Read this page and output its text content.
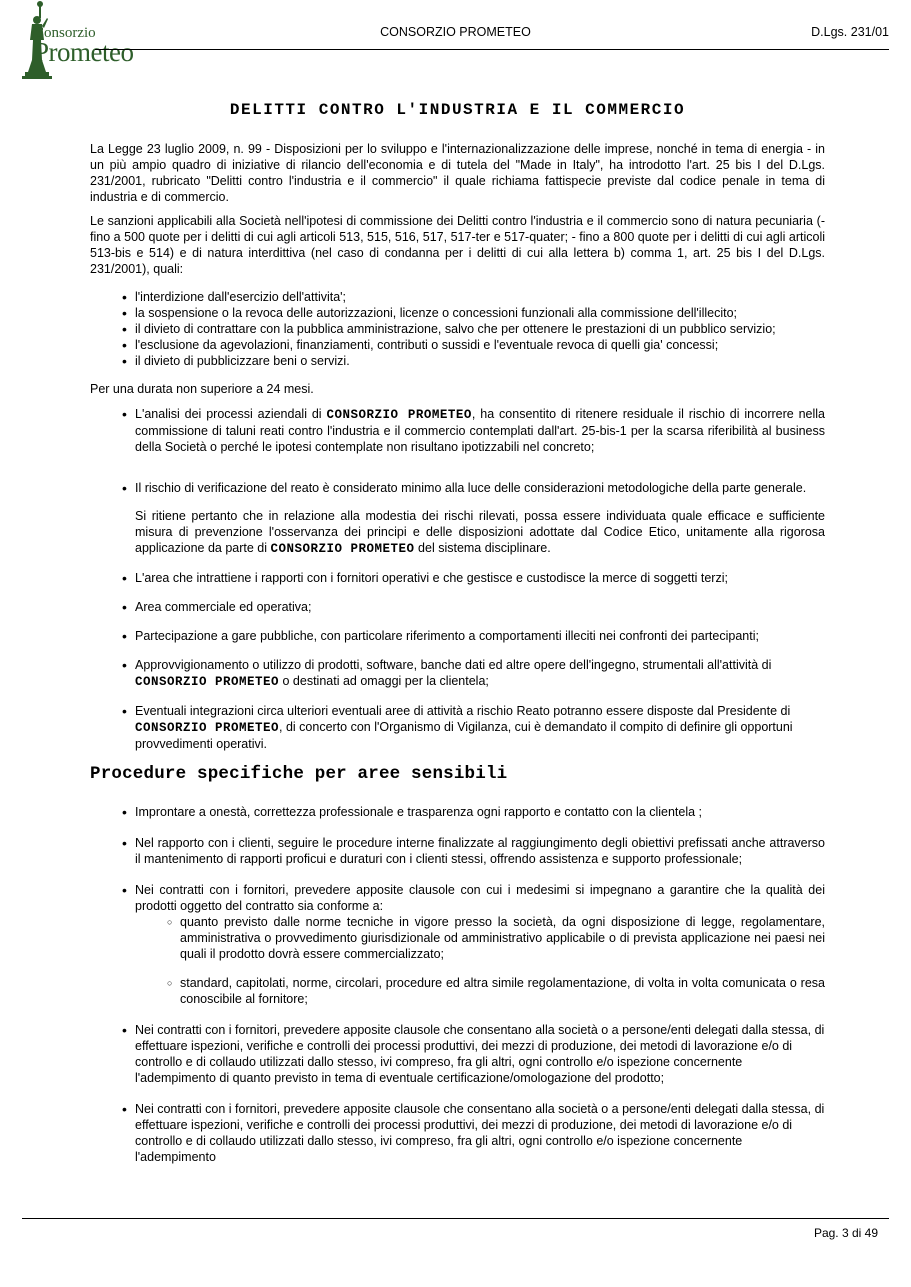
Consorzio
Prometeo
CONSORZIO PROMETEO	D.Lgs. 231/01
DELITTI CONTRO L'INDUSTRIA E IL COMMERCIO

La Legge 23 luglio 2009, n. 99 - Disposizioni per lo sviluppo e l'internazionalizzazione delle imprese, nonché in tema di energia - in un più ampio quadro di iniziative di rilancio dell'economia e di tutela del "Made in Italy", ha introdotto l'art. 25 bis I del D.Lgs. 231/2001, rubricato "Delitti contro l'industria e il commercio" il quale richiama fattispecie previste dal codice penale in tema di industria e di commercio.

Le sanzioni applicabili alla Società nell'ipotesi di commissione dei Delitti contro l'industria e il commercio sono di natura pecuniaria (- fino a 500 quote per i delitti di cui agli articoli 513, 515, 516, 517, 517-ter e 517-quater; - fino a 800 quote per i delitti di cui agli articoli 513-bis e 514) e di natura interdittiva (nel caso di condanna per i delitti di cui alla lettera b) comma 1, art. 25 bis I del D.Lgs. 231/2001), quali:

• l'interdizione dall'esercizio dell'attivita';
• la sospensione o la revoca delle autorizzazioni, licenze o concessioni funzionali alla commissione dell'illecito;
• il divieto di contrattare con la pubblica amministrazione, salvo che per ottenere le prestazioni di un pubblico servizio;
• l'esclusione da agevolazioni, finanziamenti, contributi o sussidi e l'eventuale revoca di quelli gia' concessi;
• il divieto di pubblicizzare beni o servizi.

Per una durata non superiore a 24 mesi.

• L'analisi dei processi aziendali di CONSORZIO PROMETEO, ha consentito di ritenere residuale il rischio di incorrere nella commissione di taluni reati contro l'industria e il commercio contemplati dall'art. 25-bis-1 per la scarsa riferibilità al business della Società o perché le ipotesi contemplate non risultano ipotizzabili nel concreto;

• Il rischio di verificazione del reato è considerato minimo alla luce delle considerazioni metodologiche della parte generale.

Si ritiene pertanto che in relazione alla modestia dei rischi rilevati, possa essere individuata quale efficace e sufficiente misura di prevenzione l'osservanza dei principi e delle disposizioni adottate dal Codice Etico, unitamente alla rigorosa applicazione da parte di CONSORZIO PROMETEO del sistema disciplinare.

• L'area che intrattiene i rapporti con i fornitori operativi e che gestisce e custodisce la merce di soggetti terzi;
• Area commerciale ed operativa;
• Partecipazione a gare pubbliche, con particolare riferimento a comportamenti illeciti nei confronti dei partecipanti;
• Approvvigionamento o utilizzo di prodotti, software, banche dati ed altre opere dell'ingegno, strumentali all'attività di CONSORZIO PROMETEO o destinati ad omaggi per la clientela;
• Eventuali integrazioni circa ulteriori eventuali aree di attività a rischio Reato potranno essere disposte dal Presidente di CONSORZIO PROMETEO, di concerto con l'Organismo di Vigilanza, cui è demandato il compito di definire gli opportuni provvedimenti operativi.
Procedure specifiche per aree sensibili
• Improntare a onestà, correttezza professionale e trasparenza ogni rapporto e contatto con la clientela ;
• Nel rapporto con i clienti, seguire le procedure interne finalizzate al raggiungimento degli obiettivi prefissati anche attraverso il mantenimento di rapporti proficui e duraturi con i clienti stessi, offrendo assistenza e supporto professionale;
• Nei contratti con i fornitori, prevedere apposite clausole con cui i medesimi si impegnano a garantire che la qualità dei prodotti oggetto del contratto sia conforme a:
○ quanto previsto dalle norme tecniche in vigore presso la società, da ogni disposizione di legge, regolamentare, amministrativa o provvedimento giurisdizionale od amministrativo applicabile o di prevista applicazione nei paesi nei quali il prodotto dovrà essere commercializzato;
○ standard, capitolati, norme, circolari, procedure ed altra simile regolamentazione, di volta in volta comunicata o resa conoscibile al fornitore;
• Nei contratti con i fornitori, prevedere apposite clausole che consentano alla società o a persone/enti delegati dalla stessa, di effettuare ispezioni, verifiche e controlli dei processi produttivi, dei mezzi di produzione, dei metodi di lavorazione e/o di controllo e di collaudo utilizzati dallo stesso, ivi compreso, fra gli altri, ogni controllo e/o ispezione concernente l'adempimento di quanto previsto in tema di eventuale certificazione/omologazione del prodotto;
• Nei contratti con i fornitori, prevedere apposite clausole che consentano alla società o a persone/enti delegati dalla stessa, di effettuare ispezioni, verifiche e controlli dei processi produttivi, dei mezzi di produzione, dei metodi di lavorazione e/o di controllo e di collaudo utilizzati dallo stesso, ivi compreso, fra gli altri, ogni controllo e/o ispezione concernente l'adempimento
Pag. 3 di 49
